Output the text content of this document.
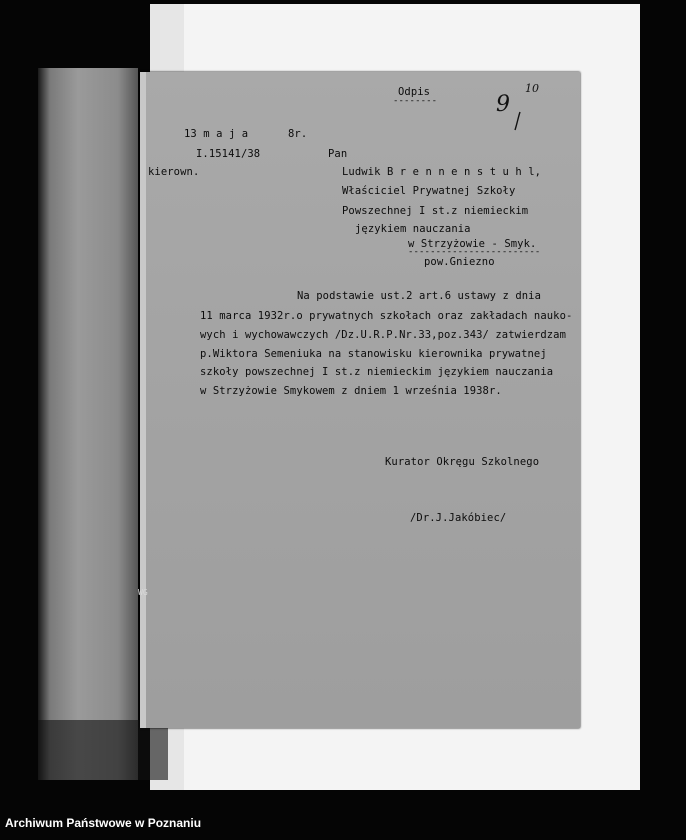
Odpis
--------	9
10
13 m a j a	8r.
I.15141/38
kierown.
Pan
Ludwik B r e n n e n s t u h l,
Właściciel Prywatnej Szkoły
Powszechnej I st.z niemieckim
językiem nauczania
w Strzyżowie - Smyk.
------------------------
pow.Gniezno
Na podstawie ust.2 art.6 ustawy z dnia
11 marca 1932r.o prywatnych szkołach oraz zakładach nauko-
wych i wychowawczych /Dz.U.R.P.Nr.33,poz.343/ zatwierdzam
p.Wiktora Semeniuka na stanowisku kierownika prywatnej
szkoły powszechnej I st.z niemieckim językiem nauczania
w Strzyżowie Smykowem z dniem 1 września 1938r.
Kurator Okręgu Szkolnego
/Dr.J.Jakóbiec/
WG
Archiwum Państwowe w Poznaniu
